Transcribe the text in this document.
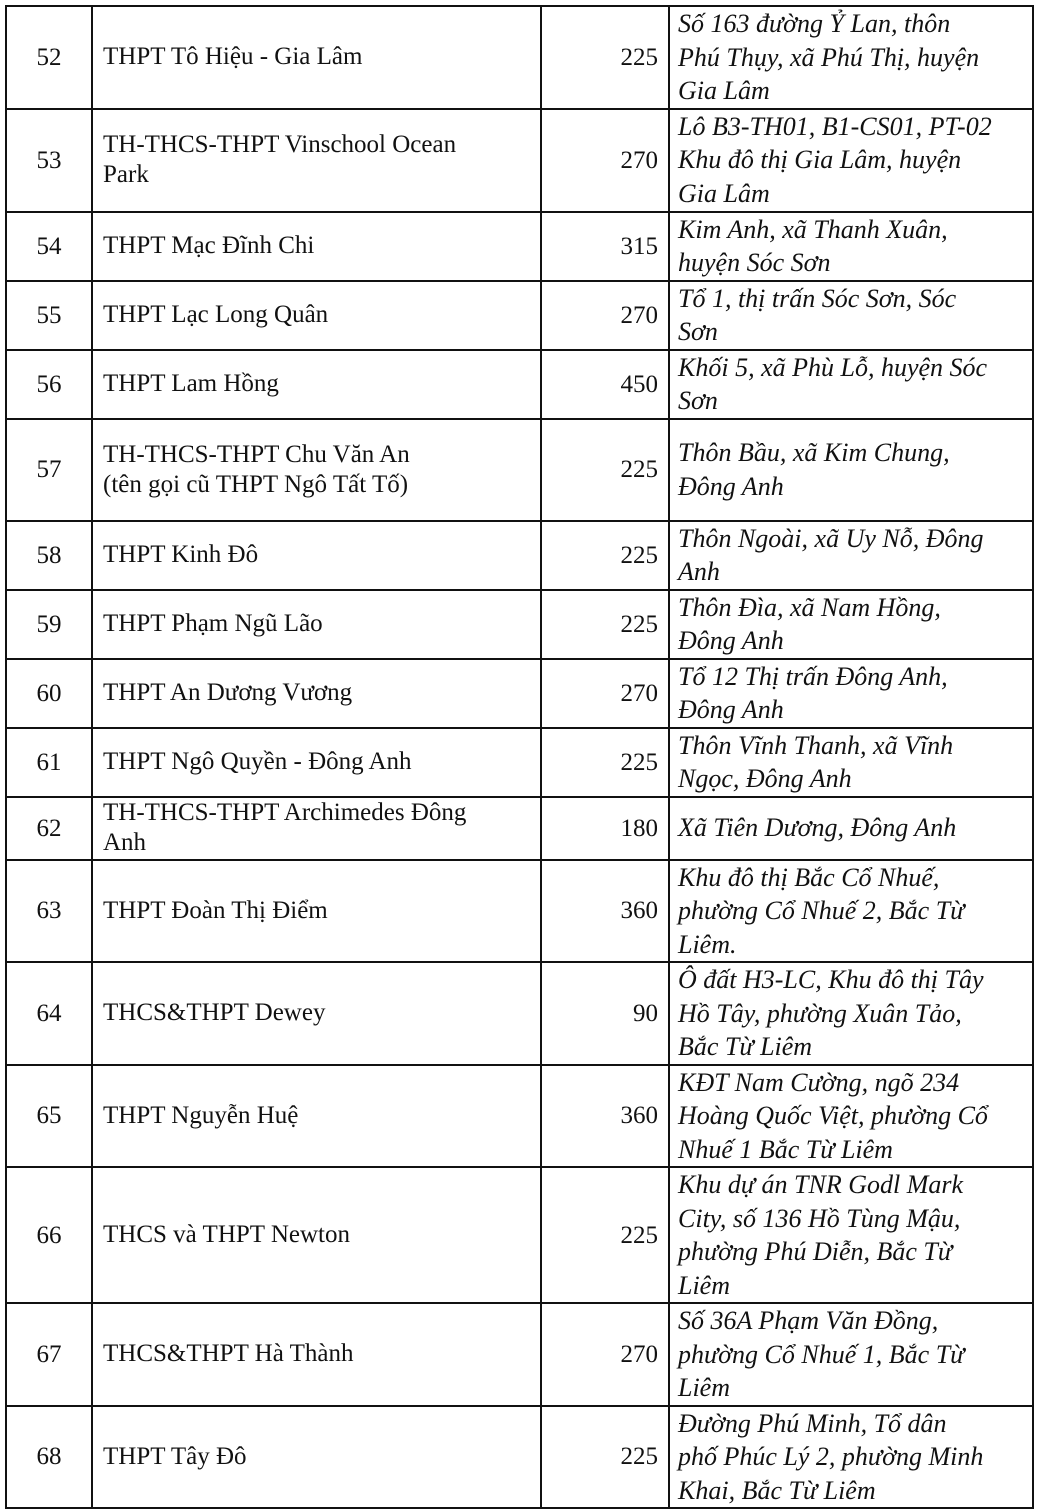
52	THPT Tô Hiệu - Gia Lâm	225	Số 163 đường Ỷ Lan, thôn
Phú Thụy, xã Phú Thị, huyện
Gia Lâm
53	TH-THCS-THPT Vinschool Ocean
Park	270	Lô B3-TH01, B1-CS01, PT-02
Khu đô thị Gia Lâm, huyện
Gia Lâm
54	THPT Mạc Đĩnh Chi	315	Kim Anh, xã Thanh Xuân,
huyện Sóc Sơn
55	THPT Lạc Long Quân	270	Tổ 1, thị trấn Sóc Sơn, Sóc
Sơn
56	THPT Lam Hồng	450	Khối 5, xã Phù Lỗ, huyện Sóc
Sơn
57	TH-THCS-THPT Chu Văn An
(tên gọi cũ THPT Ngô Tất Tố)	225	Thôn Bầu, xã Kim Chung,
Đông Anh

58	THPT Kinh Đô	225	Thôn Ngoài, xã Uy Nỗ, Đông
Anh
59	THPT Phạm Ngũ Lão	225	Thôn Đìa, xã Nam Hồng,
Đông Anh
60	THPT An Dương Vương	270	Tổ 12 Thị trấn Đông Anh,
Đông Anh
61	THPT Ngô Quyền - Đông Anh	225	Thôn Vĩnh Thanh, xã Vĩnh
Ngọc, Đông Anh
62	TH-THCS-THPT Archimedes Đông
Anh	180	Xã Tiên Dương, Đông Anh
63	THPT Đoàn Thị Điểm	360	Khu đô thị Bắc Cổ Nhuế,
phường Cổ Nhuế 2, Bắc Từ
Liêm.
64	THCS&THPT Dewey	90	Ô đất H3-LC, Khu đô thị Tây
Hồ Tây, phường Xuân Tảo,
Bắc Từ Liêm
65	THPT Nguyễn Huệ	360	KĐT Nam Cường, ngõ 234
Hoàng Quốc Việt, phường Cổ
Nhuế 1 Bắc Từ Liêm
66	THCS và THPT Newton	225	Khu dự án TNR Godl Mark
City, số 136 Hồ Tùng Mậu,
phường Phú Diễn, Bắc Từ
Liêm
67	THCS&THPT Hà Thành	270	Số 36A Phạm Văn Đồng,
phường Cổ Nhuế 1, Bắc Từ
Liêm
68	THPT Tây Đô	225	Đường Phú Minh, Tổ dân
phố Phúc Lý 2, phường Minh
Khai, Bắc Từ Liêm
